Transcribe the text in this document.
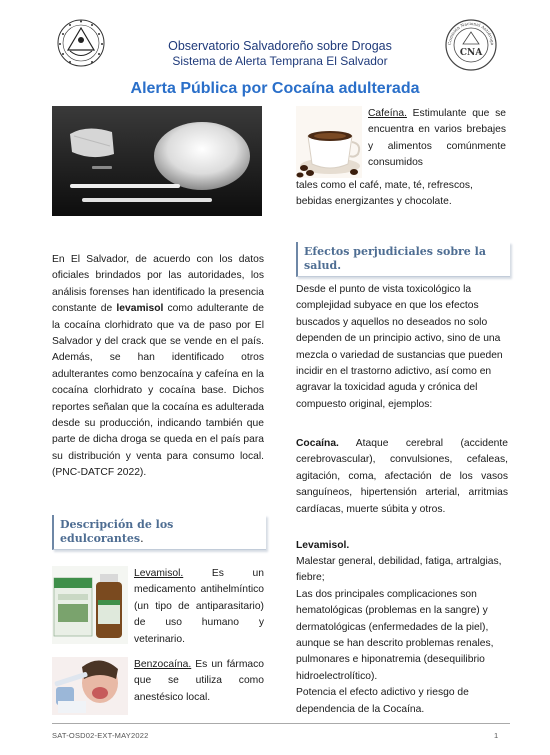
Observatorio Salvadoreño sobre Drogas
Sistema de Alerta Temprana El Salvador
Comisión Nacional Antidroga
CNA
Alerta Pública por Cocaína adulterada
En El Salvador, de acuerdo con los datos oficiales brindados por las autoridades, los análisis forenses han identificado la presencia constante de levamisol como adulterante de la cocaína clorhidrato que va de paso por El Salvador y del crack que se vende en el país. Además, se han identificado otros adulterantes como benzocaína y cafeína en la cocaína clorhidrato y cocaína base. Dichos reportes señalan que la cocaína es adulterada desde su producción, indicando también que parte de dicha droga se queda en el país para su distribución y venta para consumo local. (PNC-DATCF 2022).
Descripción de los edulcorantes.
Levamisol. Es un medicamento antihelmíntico (un tipo de antiparasitario) de uso humano y veterinario.
Benzocaína. Es un fármaco que se utiliza como anestésico local.
Cafeína. Estimulante que se encuentra en varios brebajes y alimentos comúnmente consumidos
tales como el café, mate, té, refrescos, bebidas energizantes y chocolate.
Efectos perjudiciales sobre la salud.
Desde el punto de vista toxicológico la complejidad subyace en que los efectos buscados y aquellos no deseados no solo dependen de un principio activo, sino de una mezcla o variedad de sustancias que pueden incidir en el trastorno adictivo, así como en agravar la toxicidad aguda y crónica del compuesto original, ejemplos:
Cocaína. Ataque cerebral (accidente cerebrovascular), convulsiones, cefaleas, agitación, coma, afectación de los vasos sanguíneos, hipertensión arterial, arritmias cardíacas, muerte súbita y otros.
Levamisol.
Malestar general, debilidad, fatiga, artralgias, fiebre;
Las dos principales complicaciones son hematológicas (problemas en la sangre) y dermatológicas (enfermedades de la piel), aunque se han descrito problemas renales, pulmonares e hiponatremia (desequilibrio hidroelectrolítico).
Potencia el efecto adictivo y riesgo de dependencia de la Cocaína.
SAT-OSD02-EXT-MAY2022	1
